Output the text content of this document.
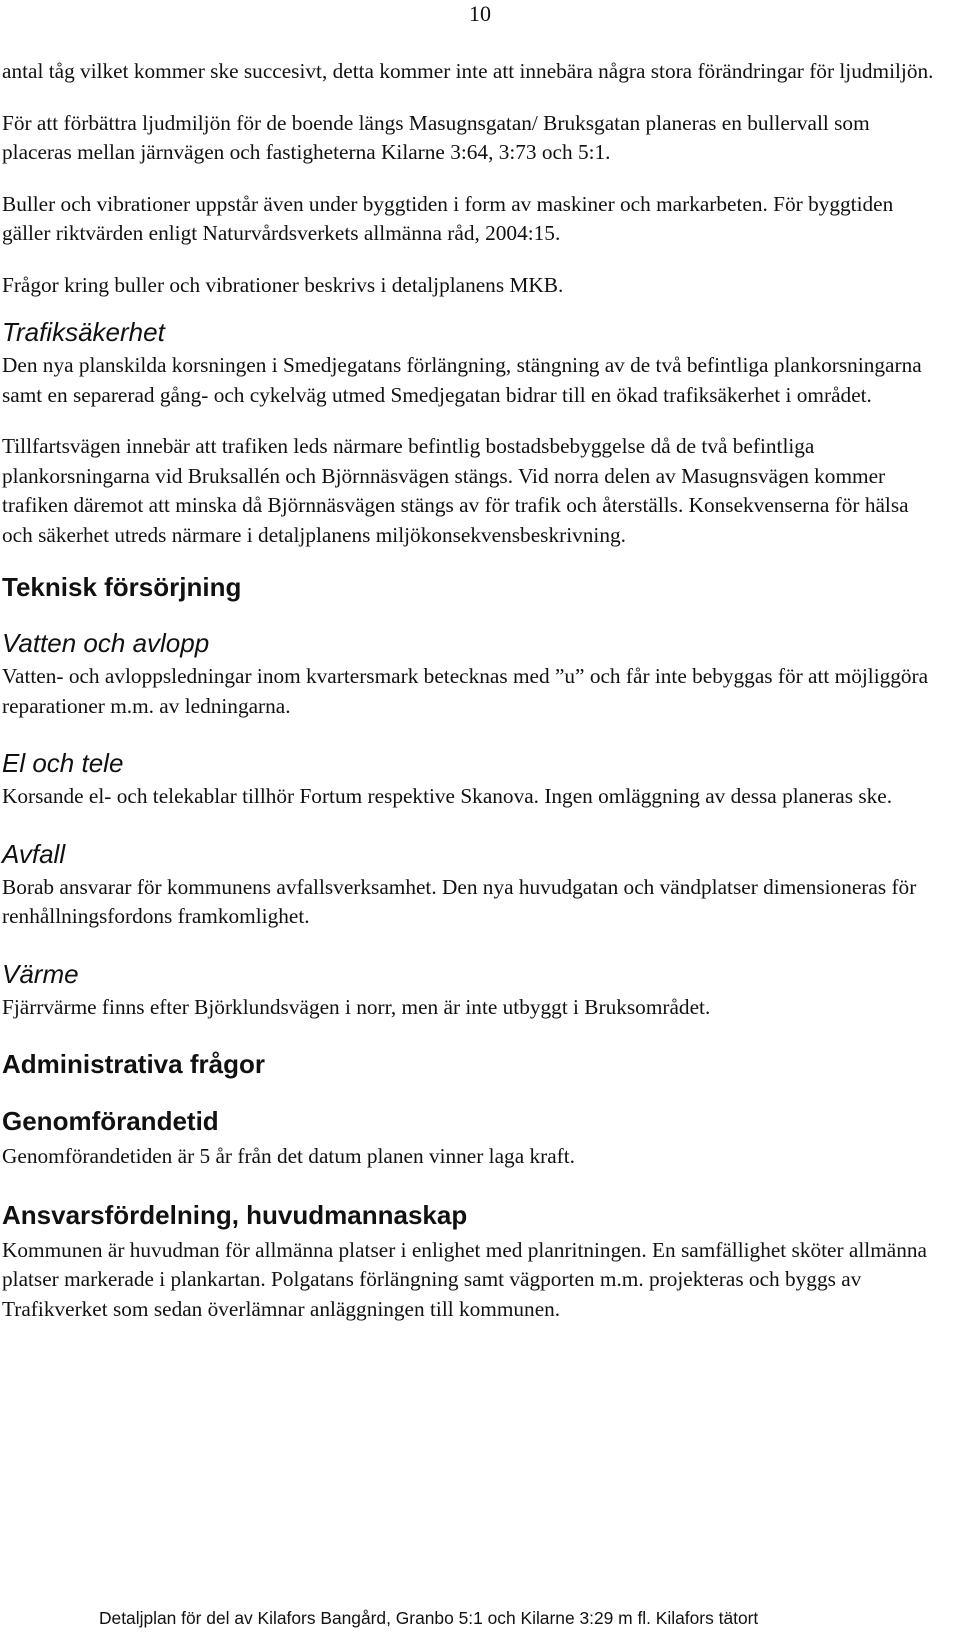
10

antal tåg vilket kommer ske succesivt, detta kommer inte att innebära några stora förändringar för ljudmiljön.

För att förbättra ljudmiljön för de boende längs Masugnsgatan/ Bruksgatan planeras en bullervall som placeras mellan järnvägen och fastigheterna Kilarne 3:64, 3:73 och 5:1.

Buller och vibrationer uppstår även under byggtiden i form av maskiner och markarbeten. För byggtiden gäller riktvärden enligt Naturvårdsverkets allmänna råd, 2004:15.

Frågor kring buller och vibrationer beskrivs i detaljplanens MKB.

Trafiksäkerhet

Den nya planskilda korsningen i Smedjegatans förlängning, stängning av de två befintliga plankorsningarna samt en separerad gång- och cykelväg utmed Smedjegatan bidrar till en ökad trafiksäkerhet i området.

Tillfartsvägen innebär att trafiken leds närmare befintlig bostadsbebyggelse då de två befintliga plankorsningarna vid Bruksallén och Björnnäsvägen stängs. Vid norra delen av Masugnsvägen kommer trafiken däremot att minska då Björnnäsvägen stängs av för trafik och återställs. Konsekvenserna för hälsa och säkerhet utreds närmare i detaljplanens miljökonsekvensbeskrivning.

Teknisk försörjning
Vatten och avlopp

Vatten- och avloppsledningar inom kvartersmark betecknas med ”u” och får inte bebyggas för att möjliggöra reparationer m.m. av ledningarna.

El och tele

Korsande el- och telekablar tillhör Fortum respektive Skanova. Ingen omläggning av dessa planeras ske.

Avfall

Borab ansvarar för kommunens avfallsverksamhet. Den nya huvudgatan och vändplatser dimensioneras för renhållningsfordons framkomlighet.

Värme

Fjärrvärme finns efter Björklundsvägen i norr, men är inte utbyggt i Bruksområdet.

Administrativa frågor
Genomförandetid

Genomförandetiden är 5 år från det datum planen vinner laga kraft.

Ansvarsfördelning, huvudmannaskap

Kommunen är huvudman för allmänna platser i enlighet med planritningen. En samfällighet sköter allmänna platser markerade i plankartan. Polgatans förlängning samt vägporten m.m. projekteras och byggs av Trafikverket som sedan överlämnar anläggningen till kommunen.

Detaljplan för del av Kilafors Bangård, Granbo 5:1 och Kilarne 3:29 m fl. Kilafors tätort
